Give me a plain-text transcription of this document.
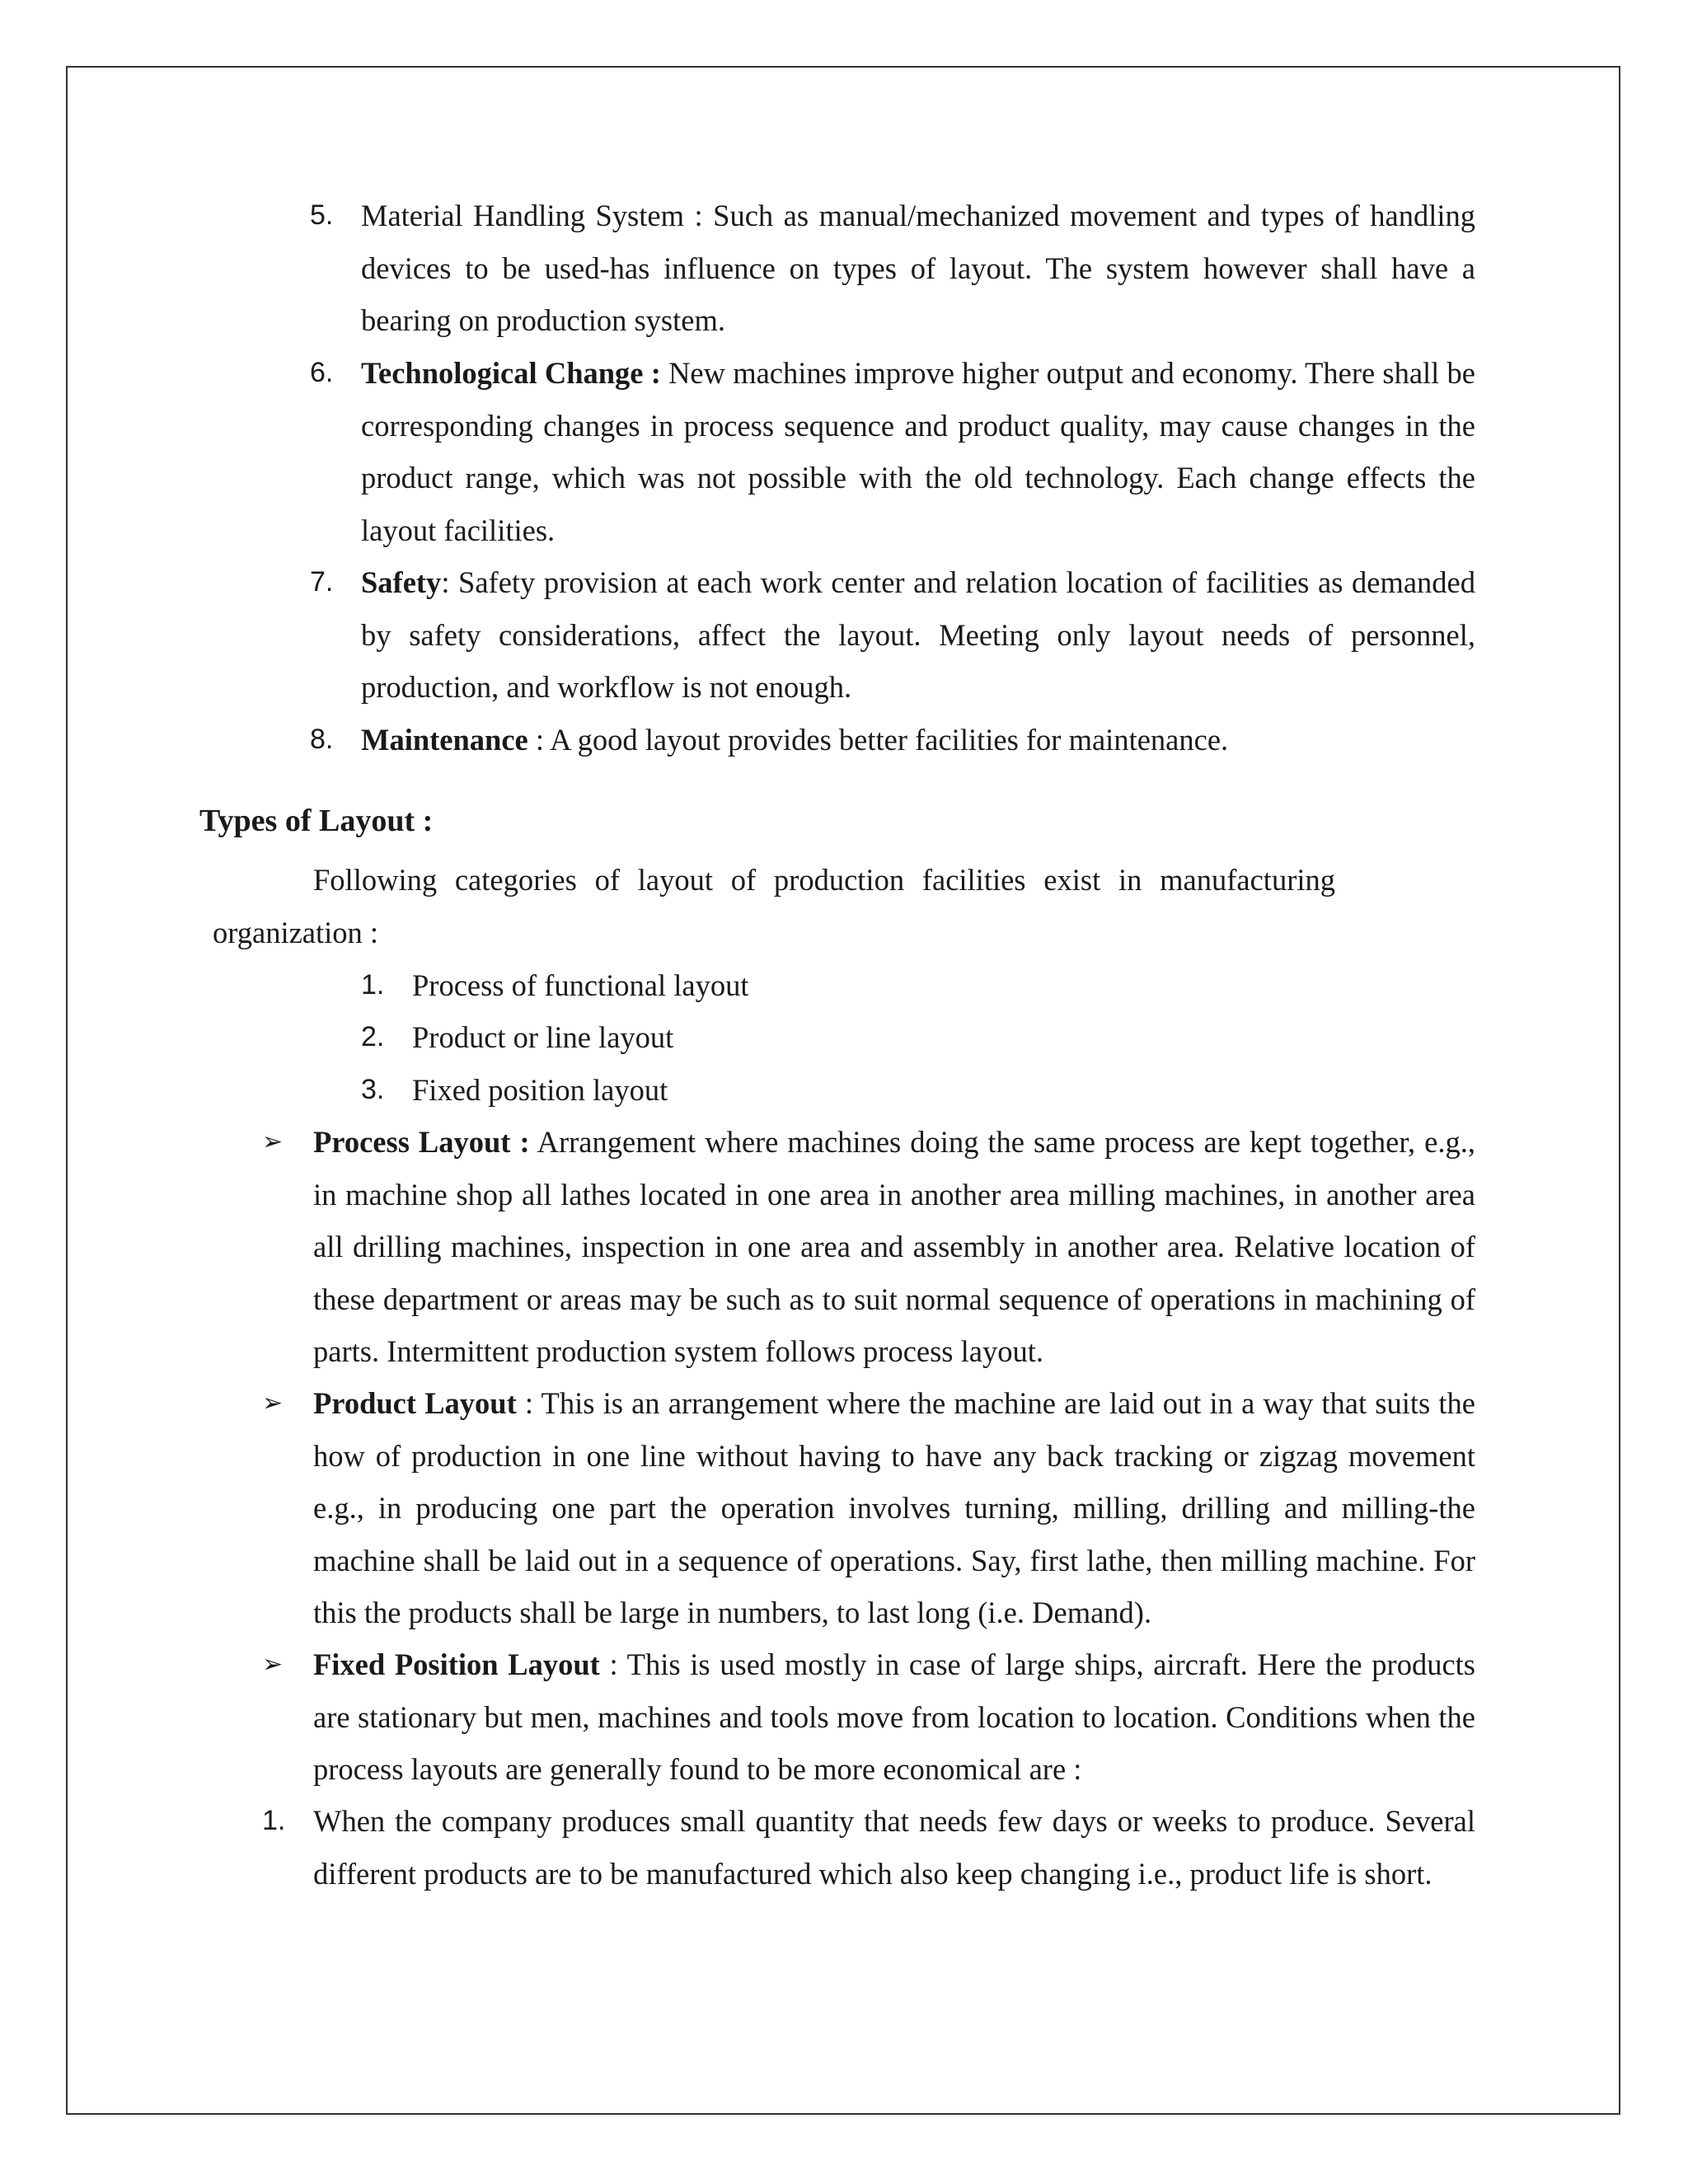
5. Material Handling System : Such as manual/mechanized movement and types of handling devices to be used-has influence on types of layout. The system however shall have a bearing on production system.
6. Technological Change : New machines improve higher output and economy. There shall be corresponding changes in process sequence and product quality, may cause changes in the product range, which was not possible with the old technology. Each change effects the layout facilities.
7. Safety: Safety provision at each work center and relation location of facilities as demanded by safety considerations, affect the layout. Meeting only layout needs of personnel, production, and workflow is not enough.
8. Maintenance : A good layout provides better facilities for maintenance.
Types of Layout :
Following categories of layout of production facilities exist in manufacturing
organization :
1. Process of functional layout
2. Product or line layout
3. Fixed position layout
➢ Process Layout : Arrangement where machines doing the same process are kept together, e.g., in machine shop all lathes located in one area in another area milling machines, in another area all drilling machines, inspection in one area and assembly in another area. Relative location of these department or areas may be such as to suit normal sequence of operations in machining of parts. Intermittent production system follows process layout.
➢ Product Layout : This is an arrangement where the machine are laid out in a way that suits the how of production in one line without having to have any back tracking or zigzag movement e.g., in producing one part the operation involves turning, milling, drilling and milling-the machine shall be laid out in a sequence of operations. Say, first lathe, then milling machine. For this the products shall be large in numbers, to last long (i.e. Demand).
➢ Fixed Position Layout : This is used mostly in case of large ships, aircraft. Here the products are stationary but men, machines and tools move from location to location. Conditions when the process layouts are generally found to be more economical are :
1. When the company produces small quantity that needs few days or weeks to produce. Several different products are to be manufactured which also keep changing i.e., product life is short.
